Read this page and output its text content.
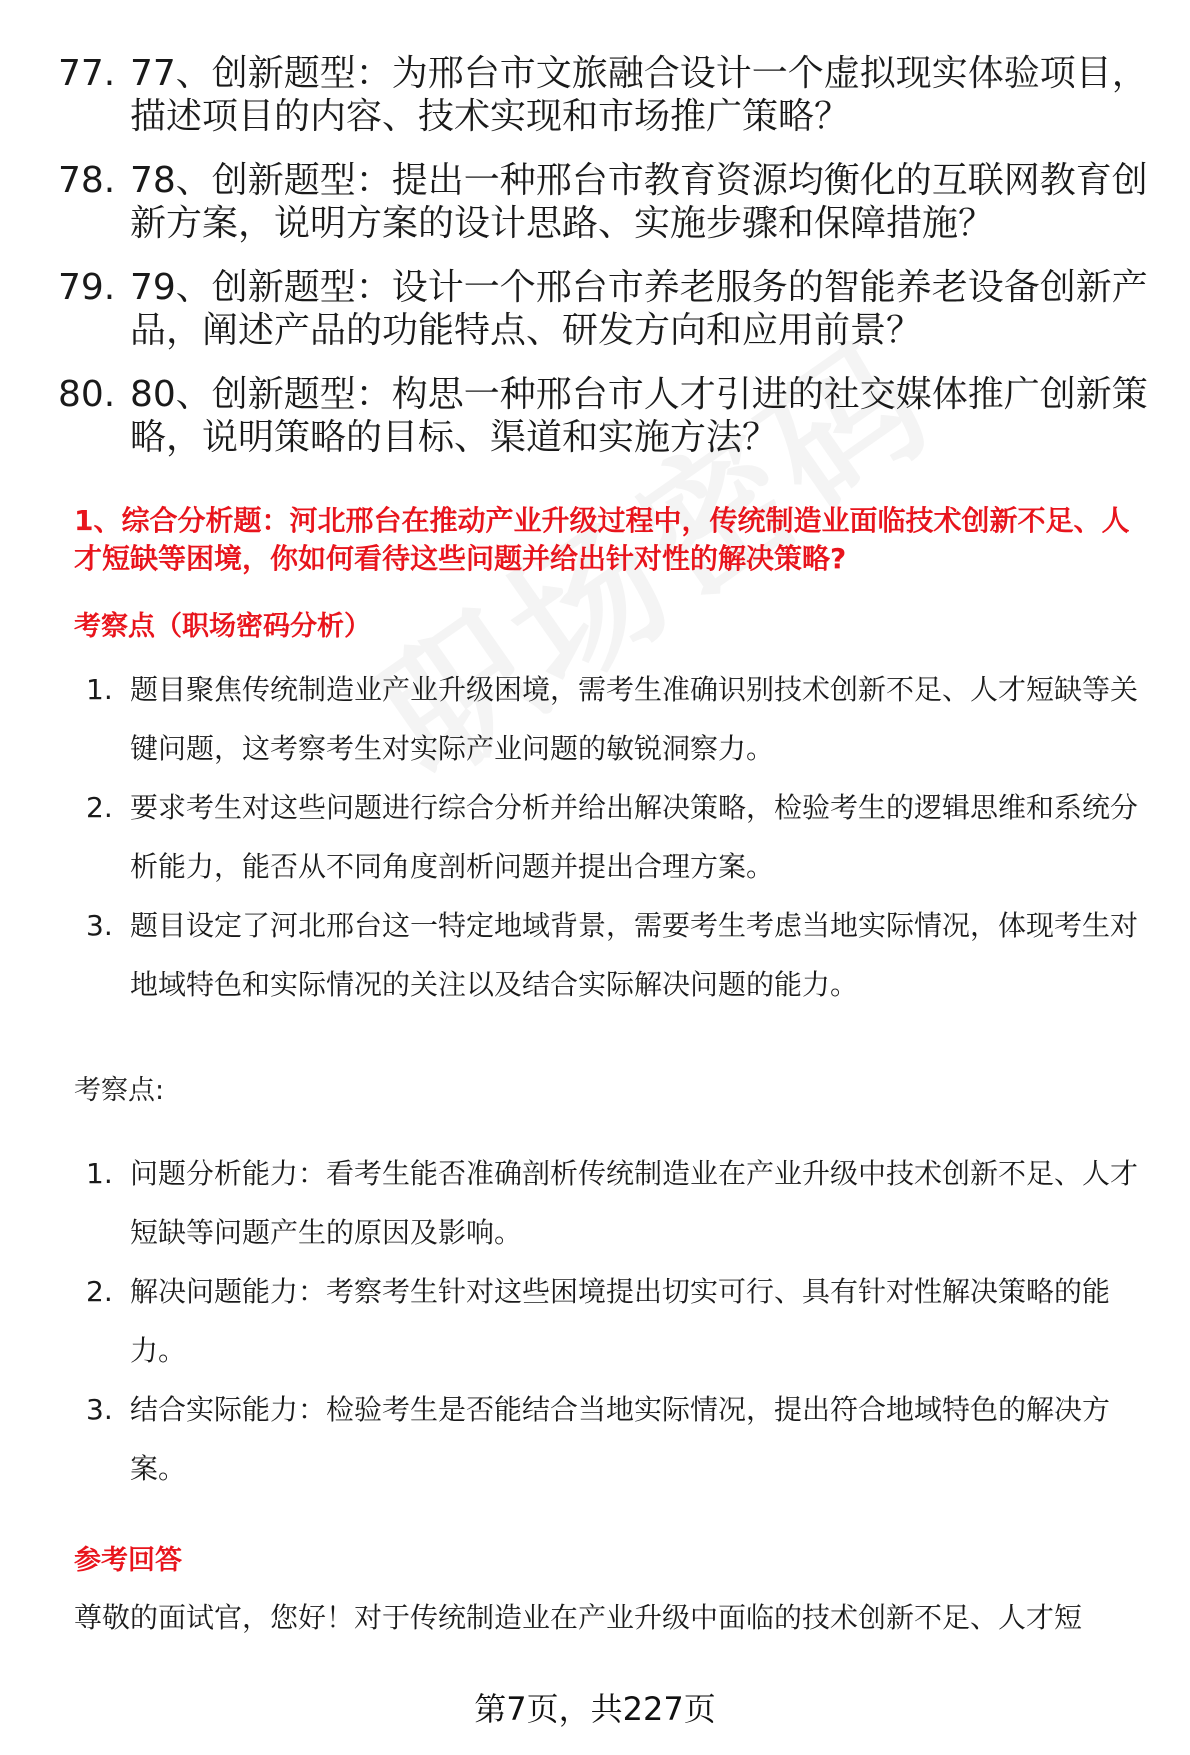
77. 77、创新题型：为邢台市文旅融合设计一个虚拟现实体验项目，描述项目的内容、技术实现和市场推广策略？
78. 78、创新题型：提出一种邢台市教育资源均衡化的互联网教育创新方案，说明方案的设计思路、实施步骤和保障措施？
79. 79、创新题型：设计一个邢台市养老服务的智能养老设备创新产品，阐述产品的功能特点、研发方向和应用前景？
80. 80、创新题型：构思一种邢台市人才引进的社交媒体推广创新策略，说明策略的目标、渠道和实施方法？
1、综合分析题：河北邢台在推动产业升级过程中，传统制造业面临技术创新不足、人才短缺等困境，你如何看待这些问题并给出针对性的解决策略?
考察点（职场密码分析）
1. 题目聚焦传统制造业产业升级困境，需考生准确识别技术创新不足、人才短缺等关键问题，这考察考生对实际产业问题的敏锐洞察力。
2. 要求考生对这些问题进行综合分析并给出解决策略，检验考生的逻辑思维和系统分析能力，能否从不同角度剖析问题并提出合理方案。
3. 题目设定了河北邢台这一特定地域背景，需要考生考虑当地实际情况，体现考生对地域特色和实际情况的关注以及结合实际解决问题的能力。
考察点:
1. 问题分析能力：看考生能否准确剖析传统制造业在产业升级中技术创新不足、人才短缺等问题产生的原因及影响。
2. 解决问题能力：考察考生针对这些困境提出切实可行、具有针对性解决策略的能力。
3. 结合实际能力：检验考生是否能结合当地实际情况，提出符合地域特色的解决方案。
参考回答
尊敬的面试官，您好！对于传统制造业在产业升级中面临的技术创新不足、人才短
第7页，共227页
